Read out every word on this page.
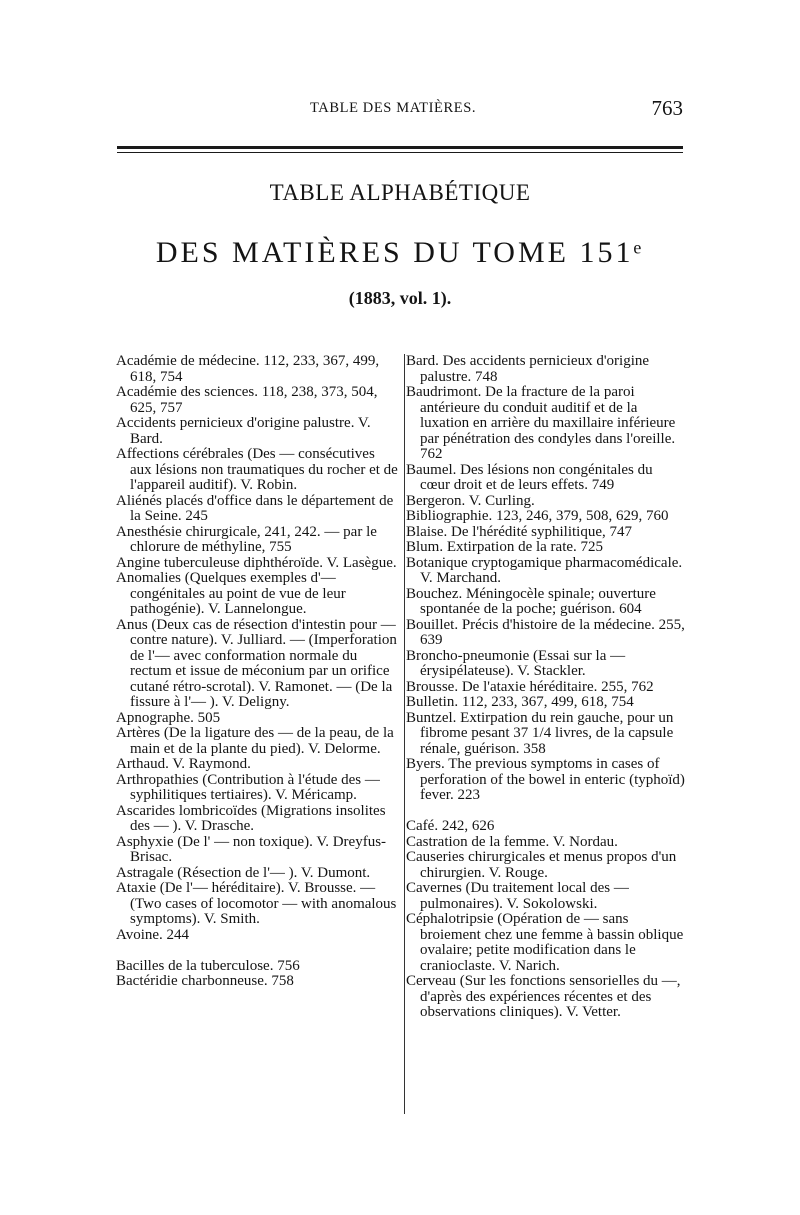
TABLE DES MATIÈRES.	763
TABLE ALPHABÉTIQUE
DES MATIÈRES DU TOME 151ᵉ
(1883, vol. 1).
Académie de médecine. 112, 233, 367, 499, 618, 754
Académie des sciences. 118, 238, 373, 504, 625, 757
Accidents pernicieux d'origine palustre. V. Bard.
Affections cérébrales (Des — consécutives aux lésions non traumatiques du rocher et de l'appareil auditif). V. Robin.
Aliénés placés d'office dans le département de la Seine. 245
Anesthésie chirurgicale, 241, 242. — par le chlorure de méthyline, 755
Angine tuberculeuse diphthéroïde. V. Lasègue.
Anomalies (Quelques exemples d'— congénitales au point de vue de leur pathogénie). V. Lannelongue.
Anus (Deux cas de résection d'intestin pour — contre nature). V. Julliard. — (Imperforation de l'— avec conformation normale du rectum et issue de méconium par un orifice cutané rétro-scrotal). V. Ramonet. — (De la fissure à l'— ). V. Deligny.
Apnographe. 505
Artères (De la ligature des — de la peau, de la main et de la plante du pied). V. Delorme.
Arthaud. V. Raymond.
Arthropathies (Contribution à l'étude des — syphilitiques tertiaires). V. Méricamp.
Ascarides lombricoïdes (Migrations insolites des — ). V. Drasche.
Asphyxie (De l' — non toxique). V. Dreyfus-Brisac.
Astragale (Résection de l'— ). V. Dumont.
Ataxie (De l'— héréditaire). V. Brousse. — (Two cases of locomotor — with anomalous symptoms). V. Smith.
Avoine. 244
Bacilles de la tuberculose. 756
Bactéridie charbonneuse. 758
Bard. Des accidents pernicieux d'origine palustre. 748
Baudrimont. De la fracture de la paroi antérieure du conduit auditif et de la luxation en arrière du maxillaire inférieure par pénétration des condyles dans l'oreille. 762
Baumel. Des lésions non congénitales du cœur droit et de leurs effets. 749
Bergeron. V. Curling.
Bibliographie. 123, 246, 379, 508, 629, 760
Blaise. De l'hérédité syphilitique, 747
Blum. Extirpation de la rate. 725
Botanique cryptogamique pharmacomédicale. V. Marchand.
Bouchez. Méningocèle spinale; ouverture spontanée de la poche; guérison. 604
Bouillet. Précis d'histoire de la médecine. 255, 639
Broncho-pneumonie (Essai sur la — érysipélateuse). V. Stackler.
Brousse. De l'ataxie héréditaire. 255, 762
Bulletin. 112, 233, 367, 499, 618, 754
Buntzel. Extirpation du rein gauche, pour un fibrome pesant 37 1/4 livres, de la capsule rénale, guérison. 358
Byers. The previous symptoms in cases of perforation of the bowel in enteric (typhoïd) fever. 223
Café. 242, 626
Castration de la femme. V. Nordau.
Causeries chirurgicales et menus propos d'un chirurgien. V. Rouge.
Cavernes (Du traitement local des — pulmonaires). V. Sokolowski.
Céphalotripsie (Opération de — sans broiement chez une femme à bassin oblique ovalaire; petite modification dans le cranioclaste. V. Narich.
Cerveau (Sur les fonctions sensorielles du —, d'après des expériences récentes et des observations cliniques). V. Vetter.
